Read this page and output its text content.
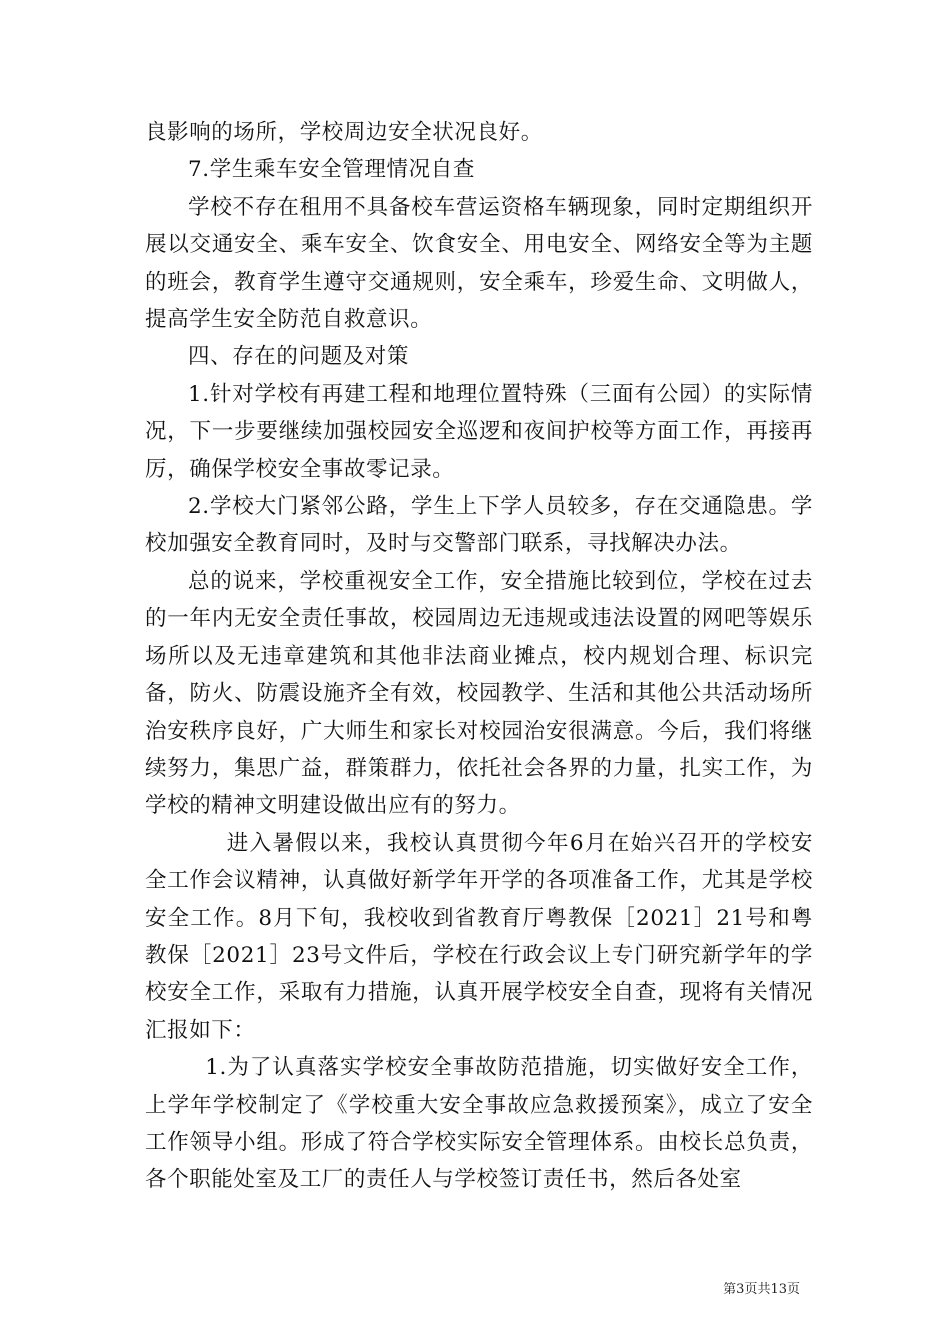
良影响的场所，学校周边安全状况良好。

7.学生乘车安全管理情况自查

学校不存在租用不具备校车营运资格车辆现象，同时定期组织开展以交通安全、乘车安全、饮食安全、用电安全、网络安全等为主题的班会，教育学生遵守交通规则，安全乘车，珍爱生命、文明做人，提高学生安全防范自救意识。

四、存在的问题及对策

1.针对学校有再建工程和地理位置特殊（三面有公园）的实际情况，下一步要继续加强校园安全巡逻和夜间护校等方面工作，再接再厉，确保学校安全事故零记录。

2.学校大门紧邻公路，学生上下学人员较多，存在交通隐患。学校加强安全教育同时，及时与交警部门联系，寻找解决办法。

总的说来，学校重视安全工作，安全措施比较到位，学校在过去的一年内无安全责任事故，校园周边无违规或违法设置的网吧等娱乐场所以及无违章建筑和其他非法商业摊点，校内规划合理、标识完备，防火、防震设施齐全有效，校园教学、生活和其他公共活动场所治安秩序良好，广大师生和家长对校园治安很满意。今后，我们将继续努力，集思广益，群策群力，依托社会各界的力量，扎实工作，为学校的精神文明建设做出应有的努力。

进入暑假以来，我校认真贯彻今年6月在始兴召开的学校安全工作会议精神，认真做好新学年开学的各项准备工作，尤其是学校安全工作。8月下旬，我校收到省教育厅粤教保［2021］21号和粤教保［2021］23号文件后，学校在行政会议上专门研究新学年的学校安全工作，采取有力措施，认真开展学校安全自查，现将有关情况汇报如下：

1.为了认真落实学校安全事故防范措施，切实做好安全工作，上学年学校制定了《学校重大安全事故应急救援预案》，成立了安全工作领导小组。形成了符合学校实际安全管理体系。由校长总负责，各个职能处室及工厂的责任人与学校签订责任书，然后各处室

第3页共13页
